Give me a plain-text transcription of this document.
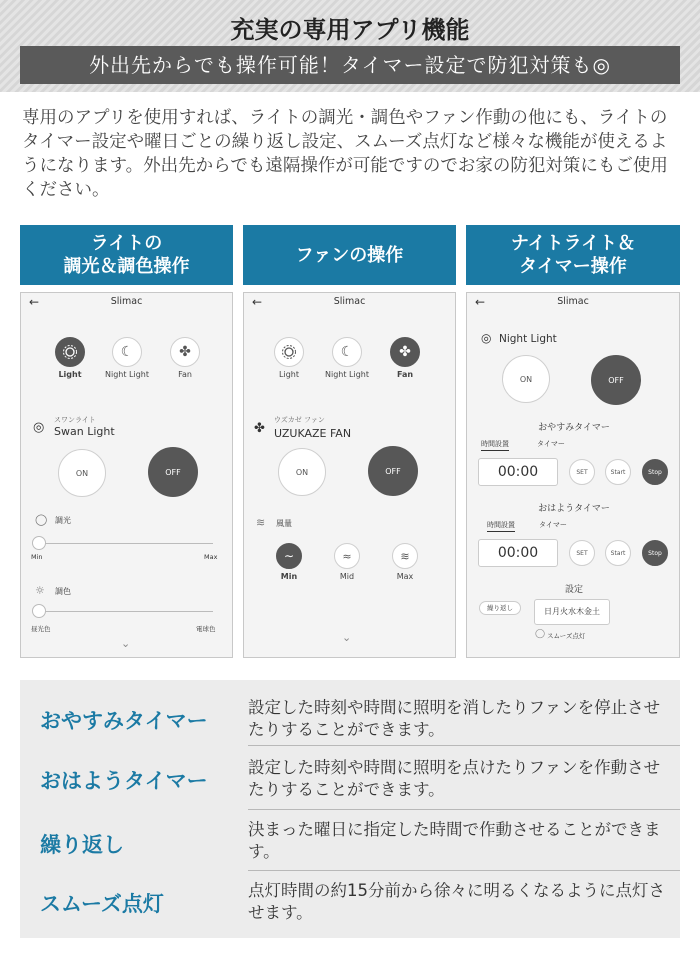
充実の専用アプリ機能
外出先からでも操作可能！タイマー設定で防犯対策も◎

専用のアプリを使用すれば、ライトの調光・調色やファン作動の他にも、ライトのタイマー設定や曜日ごとの繰り返し設定、スムーズ点灯など様々な機能が使えるようになります。外出先からでも遠隔操作が可能ですのでお家の防犯対策にもご使用ください。

ライトの
調光＆調色操作
ファンの操作
ナイトライト＆
タイマー操作
←	Slimac
Light
☾
Night Light
✤
Fan
◎ スワンライト
Swan Light
ON	OFF
◯ 調光
Min	Max
☼ 調色
昼光色	電球色
⌄
←	Slimac
Light
☾
Night Light
✤
Fan
✤
ウズカゼ ファン
UZUKAZE FAN
ON	OFF
≋ 風量
∼
Min
≈
Mid
≋
Max
⌄
←	Slimac
◎ Night Light
ON	OFF
おやすみタイマー
時間設置	タイマー
00:00	SET	Start	Stop
おはようタイマー
時間設置	タイマー
00:00	SET	Start	Stop
設定
繰り返し	日月火水木金土
◯ スムーズ点灯
おやすみタイマー
設定した時刻や時間に照明を消したりファンを停止させたりすることができます。
おはようタイマー
設定した時刻や時間に照明を点けたりファンを作動させたりすることができます。
繰り返し
決まった曜日に指定した時間で作動させることができます。
スムーズ点灯
点灯時間の約15分前から徐々に明るくなるように点灯させます。
